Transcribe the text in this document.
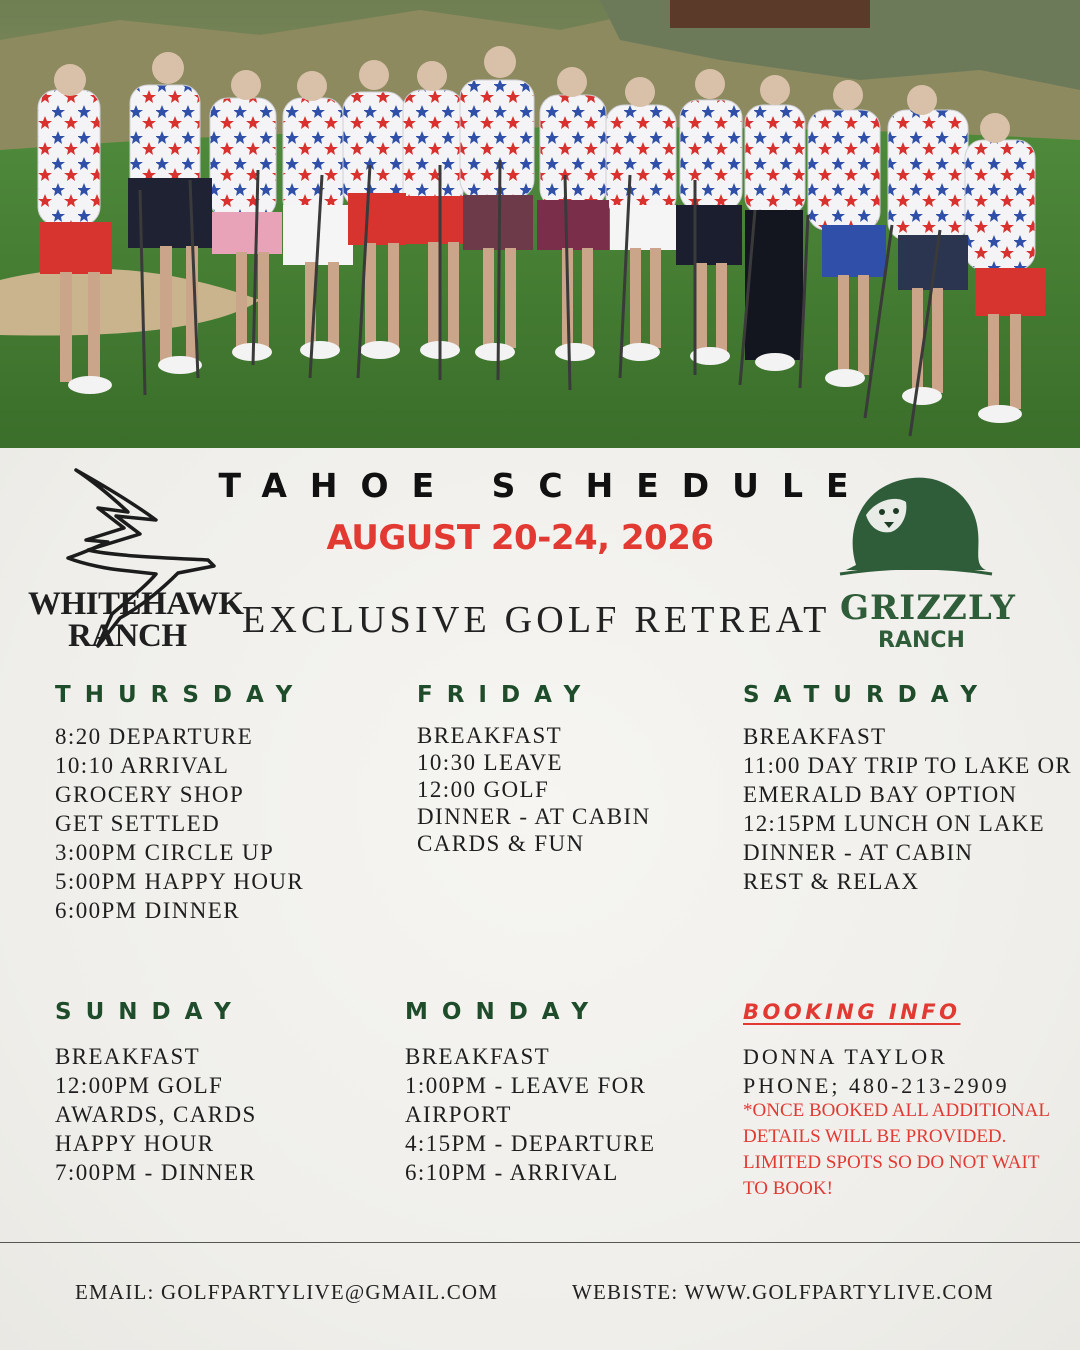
WHITEHAWK
RANCH
GRIZZLY
RANCH
TAHOE SCHEDULE
AUGUST 20-24, 2026
EXCLUSIVE GOLF RETREAT
THURSDAY
8:20 DEPARTURE
10:10 ARRIVAL
GROCERY SHOP
GET SETTLED
3:00PM CIRCLE UP
5:00PM HAPPY HOUR
6:00PM DINNER
FRIDAY
BREAKFAST
10:30 LEAVE
12:00 GOLF
DINNER - AT CABIN
CARDS & FUN
SATURDAY
BREAKFAST
11:00 DAY TRIP TO LAKE OR
EMERALD BAY OPTION
12:15PM LUNCH ON LAKE
DINNER - AT CABIN
REST & RELAX
SUNDAY
BREAKFAST
12:00PM GOLF
AWARDS, CARDS
HAPPY HOUR
7:00PM - DINNER
MONDAY
BREAKFAST
1:00PM - LEAVE FOR
AIRPORT
4:15PM - DEPARTURE
6:10PM - ARRIVAL
BOOKING INFO
DONNA TAYLOR
PHONE; 480-213-2909
*ONCE BOOKED ALL ADDITIONAL DETAILS WILL BE PROVIDED. LIMITED SPOTS SO DO NOT WAIT TO BOOK!
EMAIL: GOLFPARTYLIVE@GMAIL.COM	WEBISTE: WWW.GOLFPARTYLIVE.COM
